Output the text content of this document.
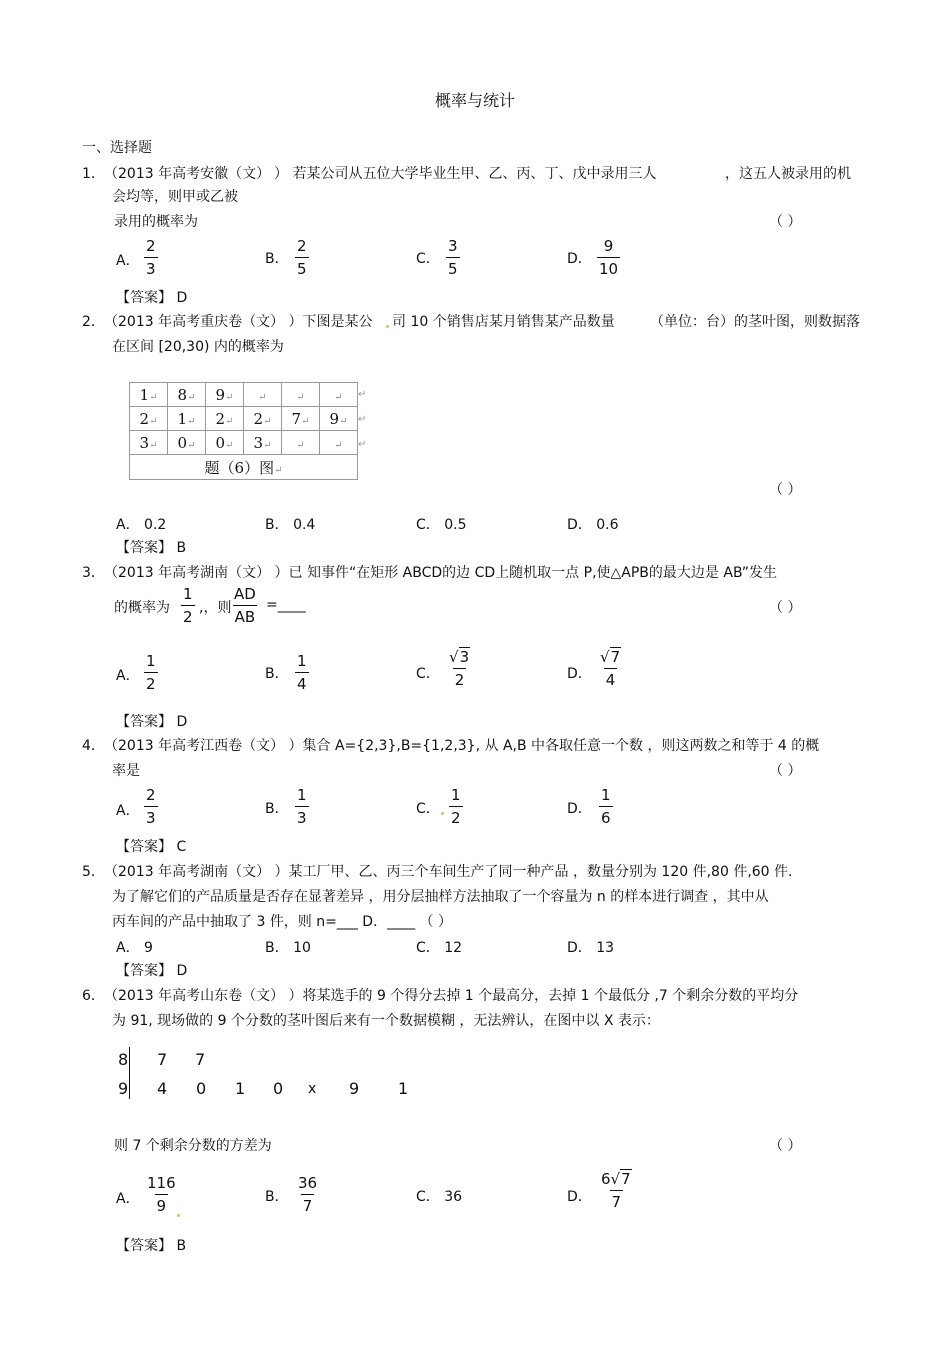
概率与统计
一、选择题
1． （2013 年高考安徽（文） ） 若某公司从五位大学毕业生甲、乙、丙、丁、戊中录用三人	，这五人被录用的机
会均等，则甲或乙被
录用的概率为	（ ）
A． $\frac{2}{3}$	B． $\frac{2}{5}$	C． $\frac{3}{5}$	D． $\frac{9}{10}$
【答案】 D
2． （2013 年高考重庆卷（文） ）下图是某公 司 10 个销售店某月销售某产品数量	（单位：台）的茎叶图，则数据落
在区间 [20,30) 内的概率为
1↵	8↵	9↵	↵	↵	↵
2↵	1↵	2↵	2↵	7↵	9↵
3↵	0↵	0↵	3↵	↵	↵
题（6）图↵					
↵
↵
↵
（ ）
A． 0.2	B． 0.4	C． 0.5	D． 0.6
【答案】 B
3． （2013 年高考湖南（文） ）已 知事件“在矩形 ABCD的边 CD上随机取一点 P,使△APB的最大边是 AB”发生
的概率为 $\frac{1}{2}$ ,，则 $\frac{AD}{AB}$ =____	（ ）
A． $\frac{1}{2}$	B． $\frac{1}{4}$	C． $\frac{√3}{2}$	D． $\frac{√7}{4}$
【答案】 D
4． （2013 年高考江西卷（文） ）集合 A={2,3},B={1,2,3}, 从 A,B 中各取任意一个数 ，则这两数之和等于 4 的概
率是	（ ）
A． $\frac{2}{3}$	B． $\frac{1}{3}$	C． $\frac{1}{2}$	D． $\frac{1}{6}$
【答案】 C
5． （2013 年高考湖南（文） ）某工厂甲、乙、丙三个车间生产了同一种产品 ，数量分别为 120 件,80 件,60 件.
为了解它们的产品质量是否存在显著差异 ，用分层抽样方法抽取了一个容量为 n 的样本进行调查 ，其中从
丙车间的产品中抽取了 3 件，则 n=___ D．____ （ ）
A． 9	B． 10	C． 12	D． 13
【答案】 D
6． （2013 年高考山东卷（文） ）将某选手的 9 个得分去掉 1 个最高分，去掉 1 个最低分 ,7 个剩余分数的平均分
为 91, 现场做的 9 个分数的茎叶图后来有一个数据模糊 ，无法辨认，在图中以 X 表示：
8 7 7
9 4 0 1 0 x 9 1
则 7 个剩余分数的方差为	（ ）
A． $\frac{116}{9}$	B． $\frac{36}{7}$	C． 36	D． $\frac{6√7}{7}$
【答案】 B
